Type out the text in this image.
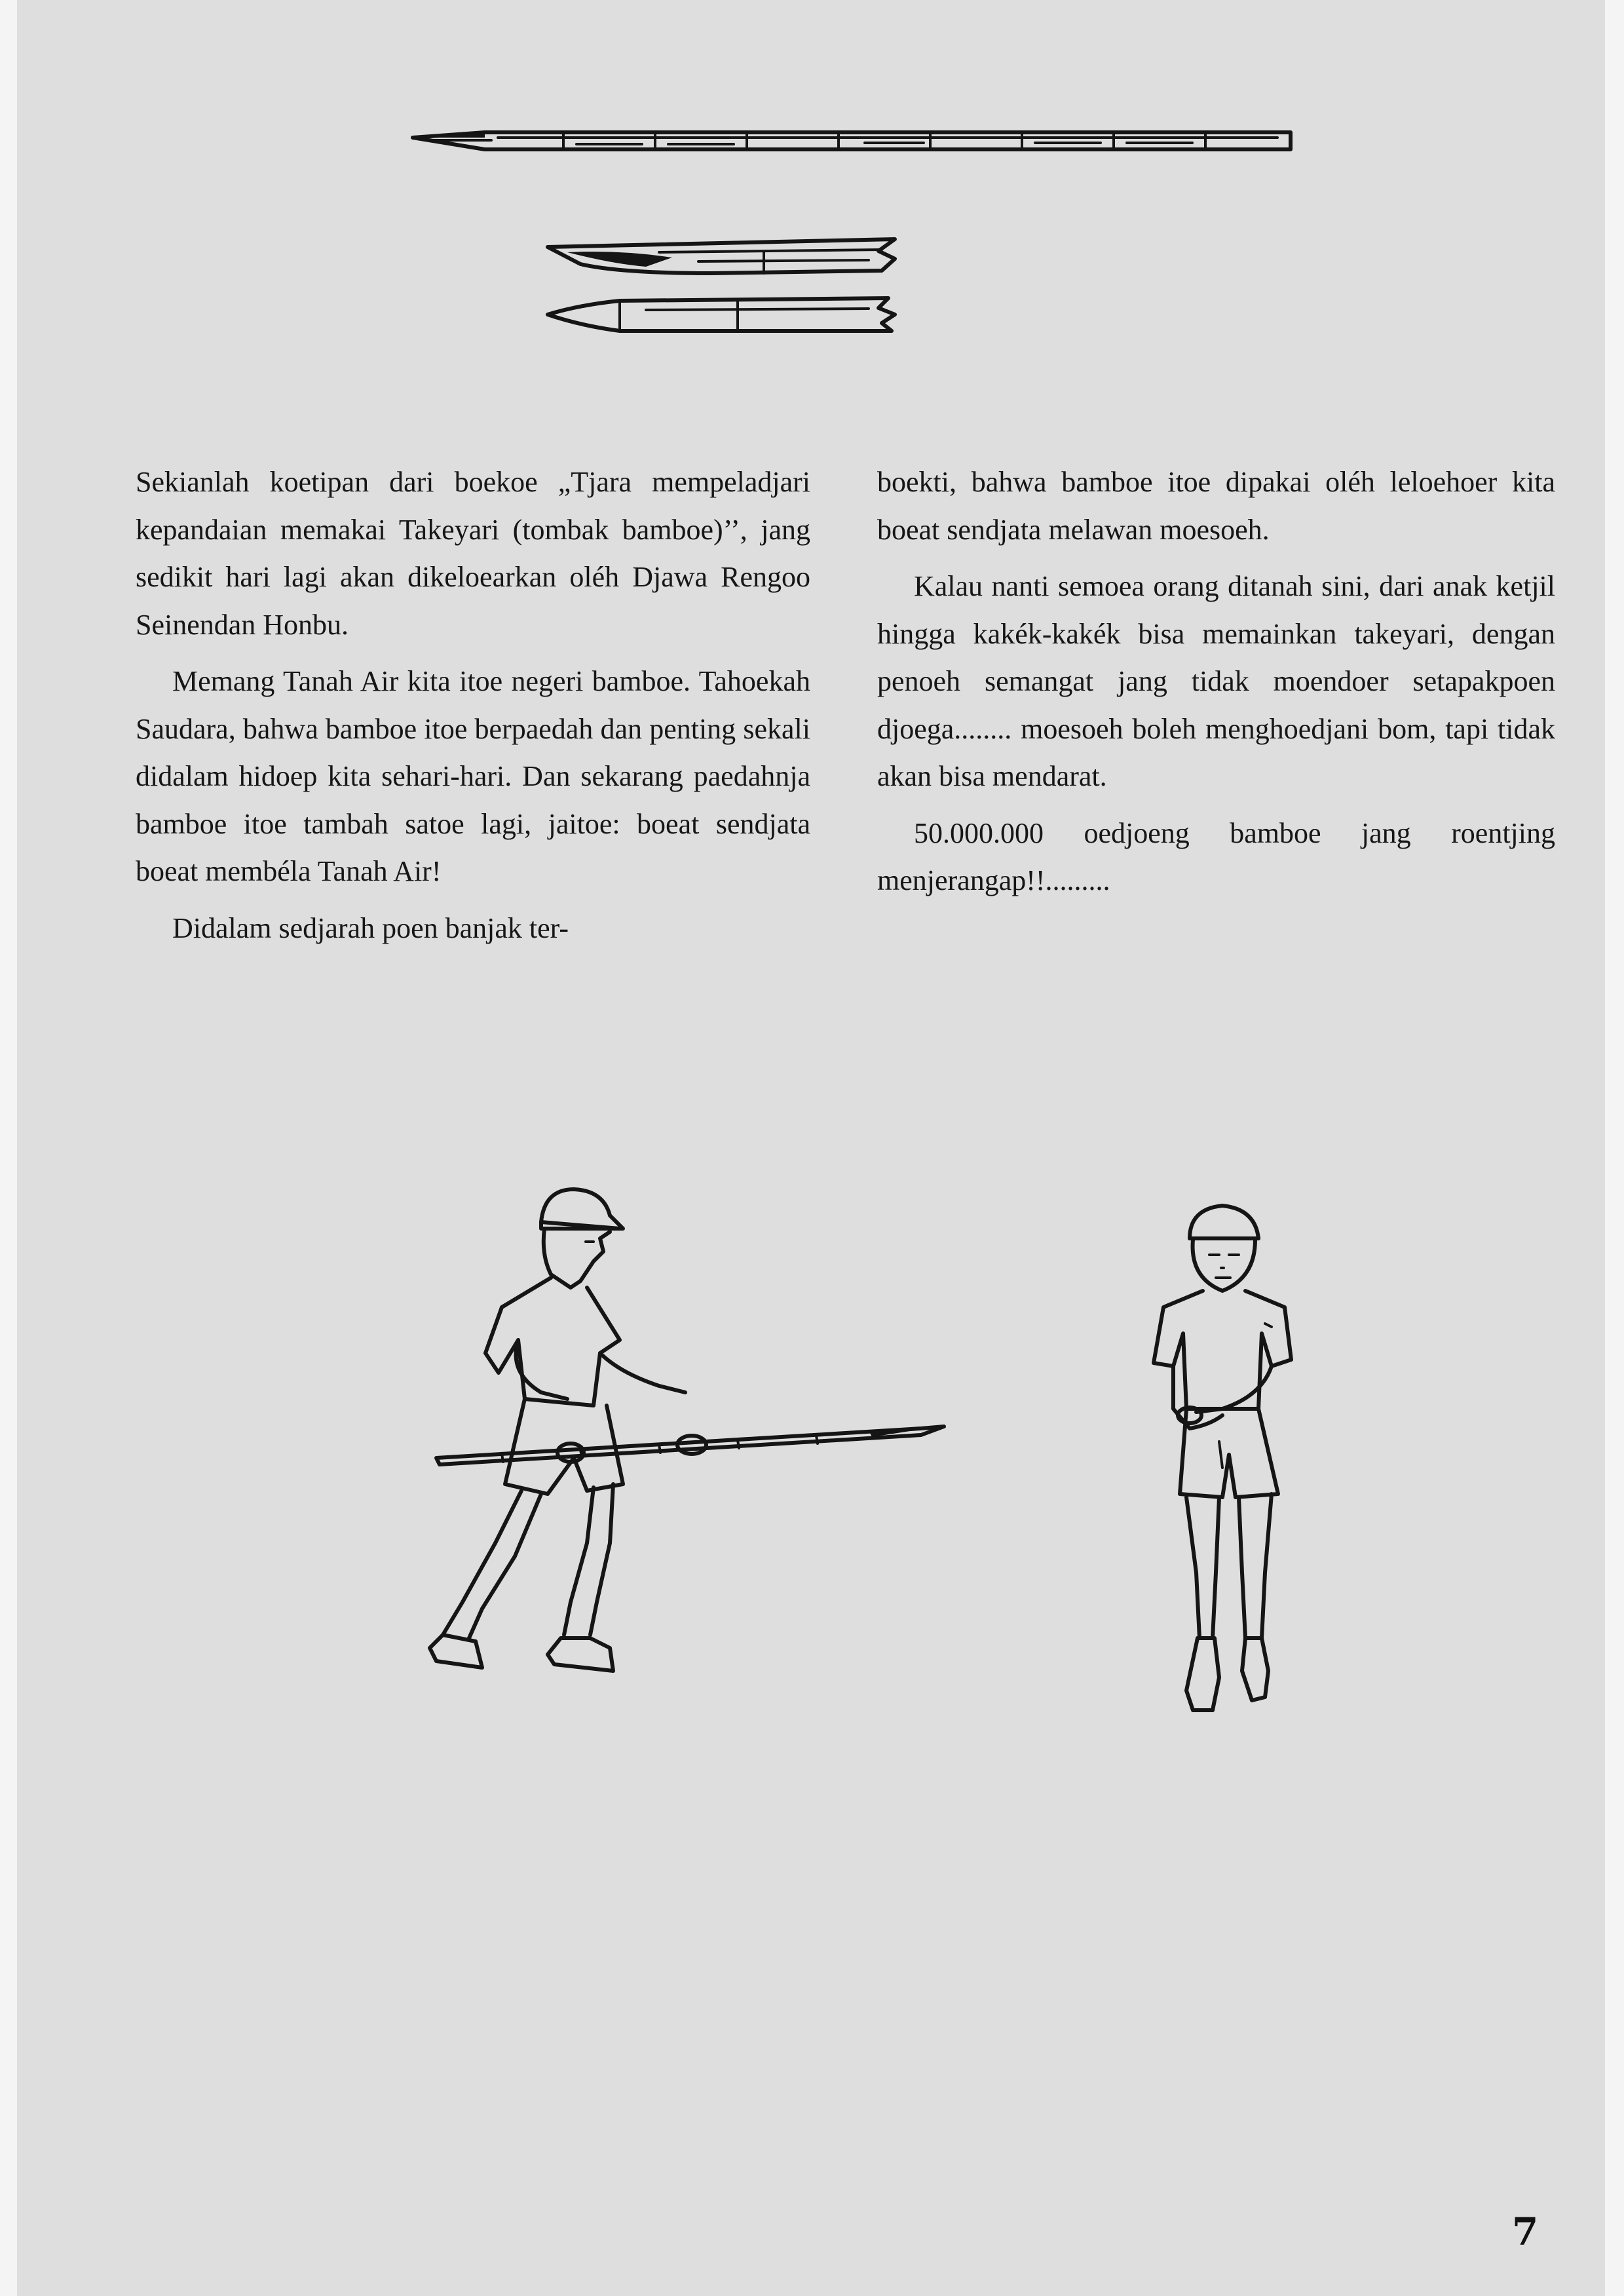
Sekianlah koetipan dari boekoe „Tjara mempeladjari kepandaian memakai Takeyari (tombak bamboe)’’, jang sedikit hari lagi akan dikeloearkan oléh Djawa Rengoo Seinendan Honbu.

Memang Tanah Air kita itoe negeri bamboe. Tahoekah Saudara, bahwa bamboe itoe berpaedah dan penting sekali didalam hidoep kita sehari-hari. Dan sekarang paedahnja bamboe itoe tambah satoe lagi, jaitoe: boeat sendjata boeat membéla Tanah Air!

Didalam sedjarah poen banjak ter-

boekti, bahwa bamboe itoe dipakai oléh leloehoer kita boeat sendjata melawan moesoeh.

Kalau nanti semoea orang ditanah sini, dari anak ketjil hingga kakék-kakék bisa memainkan takeyari, dengan penoeh semangat jang tidak moendoer setapakpoen djoega........ moesoeh boleh menghoedjani bom, tapi tidak akan bisa mendarat.

50.000.000 oedjoeng bamboe jang roentjing menjerangap!!.........

7
